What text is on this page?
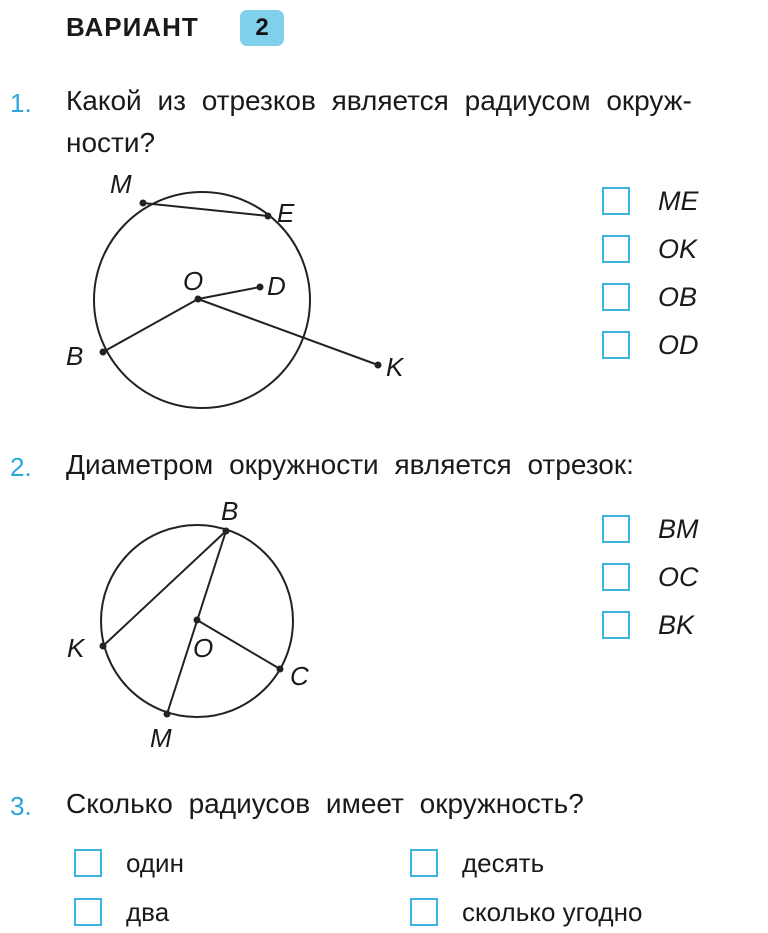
ВАРИАНТ	2
1. Какой из отрезков является радиусом окруж-
ности?
M
E
O D
B	K
B
K	O
C
M
ME
OK
OB
OD
2. Диаметром окружности является отрезок:
BM
OC
BK
3. Сколько радиусов имеет окружность?
один
два
десять
сколько угодно
